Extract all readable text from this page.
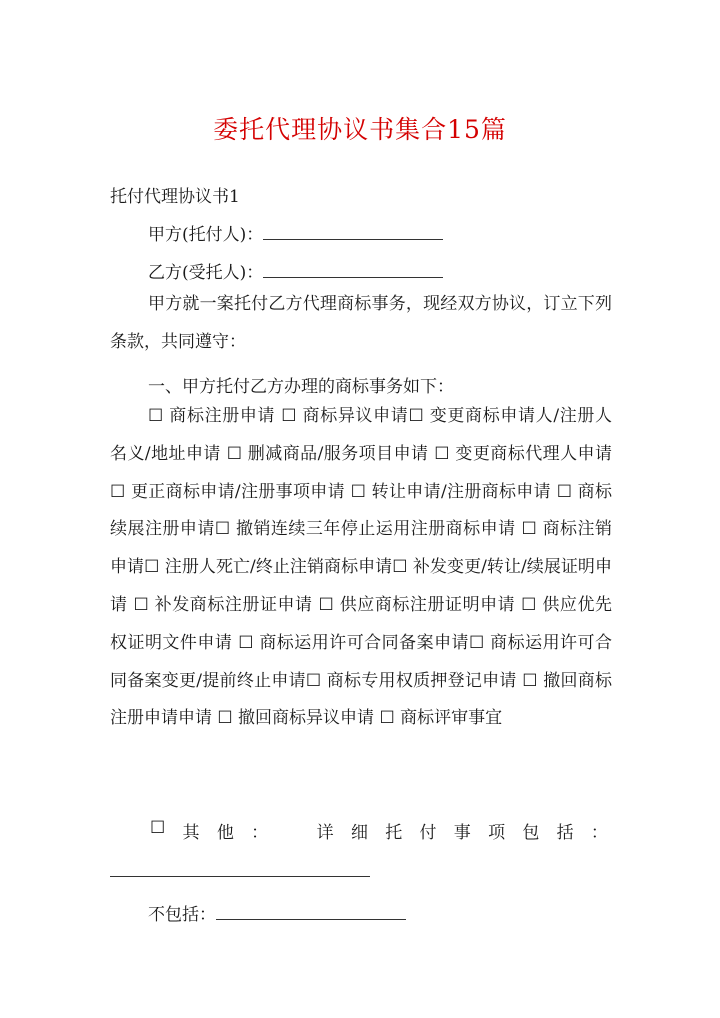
委托代理协议书集合15篇
托付代理协议书1
甲方(托付人)：
乙方(受托人)：
甲方就一案托付乙方代理商标事务，现经双方协议，订立下列条款，共同遵守：
一、甲方托付乙方办理的商标事务如下：
☐ 商标注册申请 ☐ 商标异议申请☐ 变更商标申请人/注册人名义/地址申请 ☐ 删减商品/服务项目申请 ☐ 变更商标代理人申请 ☐ 更正商标申请/注册事项申请 ☐ 转让申请/注册商标申请 ☐ 商标续展注册申请☐ 撤销连续三年停止运用注册商标申请 ☐ 商标注销申请☐ 注册人死亡/终止注销商标申请☐ 补发变更/转让/续展证明申请 ☐ 补发商标注册证申请 ☐ 供应商标注册证明申请 ☐ 供应优先权证明文件申请 ☐ 商标运用许可合同备案申请☐ 商标运用许可合同备案变更/提前终止申请☐ 商标专用权质押登记申请 ☐ 撤回商标注册申请申请 ☐ 撤回商标异议申请 ☐ 商标评审事宜
☐ 其 他 ：	详 细 托 付 事 项 包 括 ：
不包括：
